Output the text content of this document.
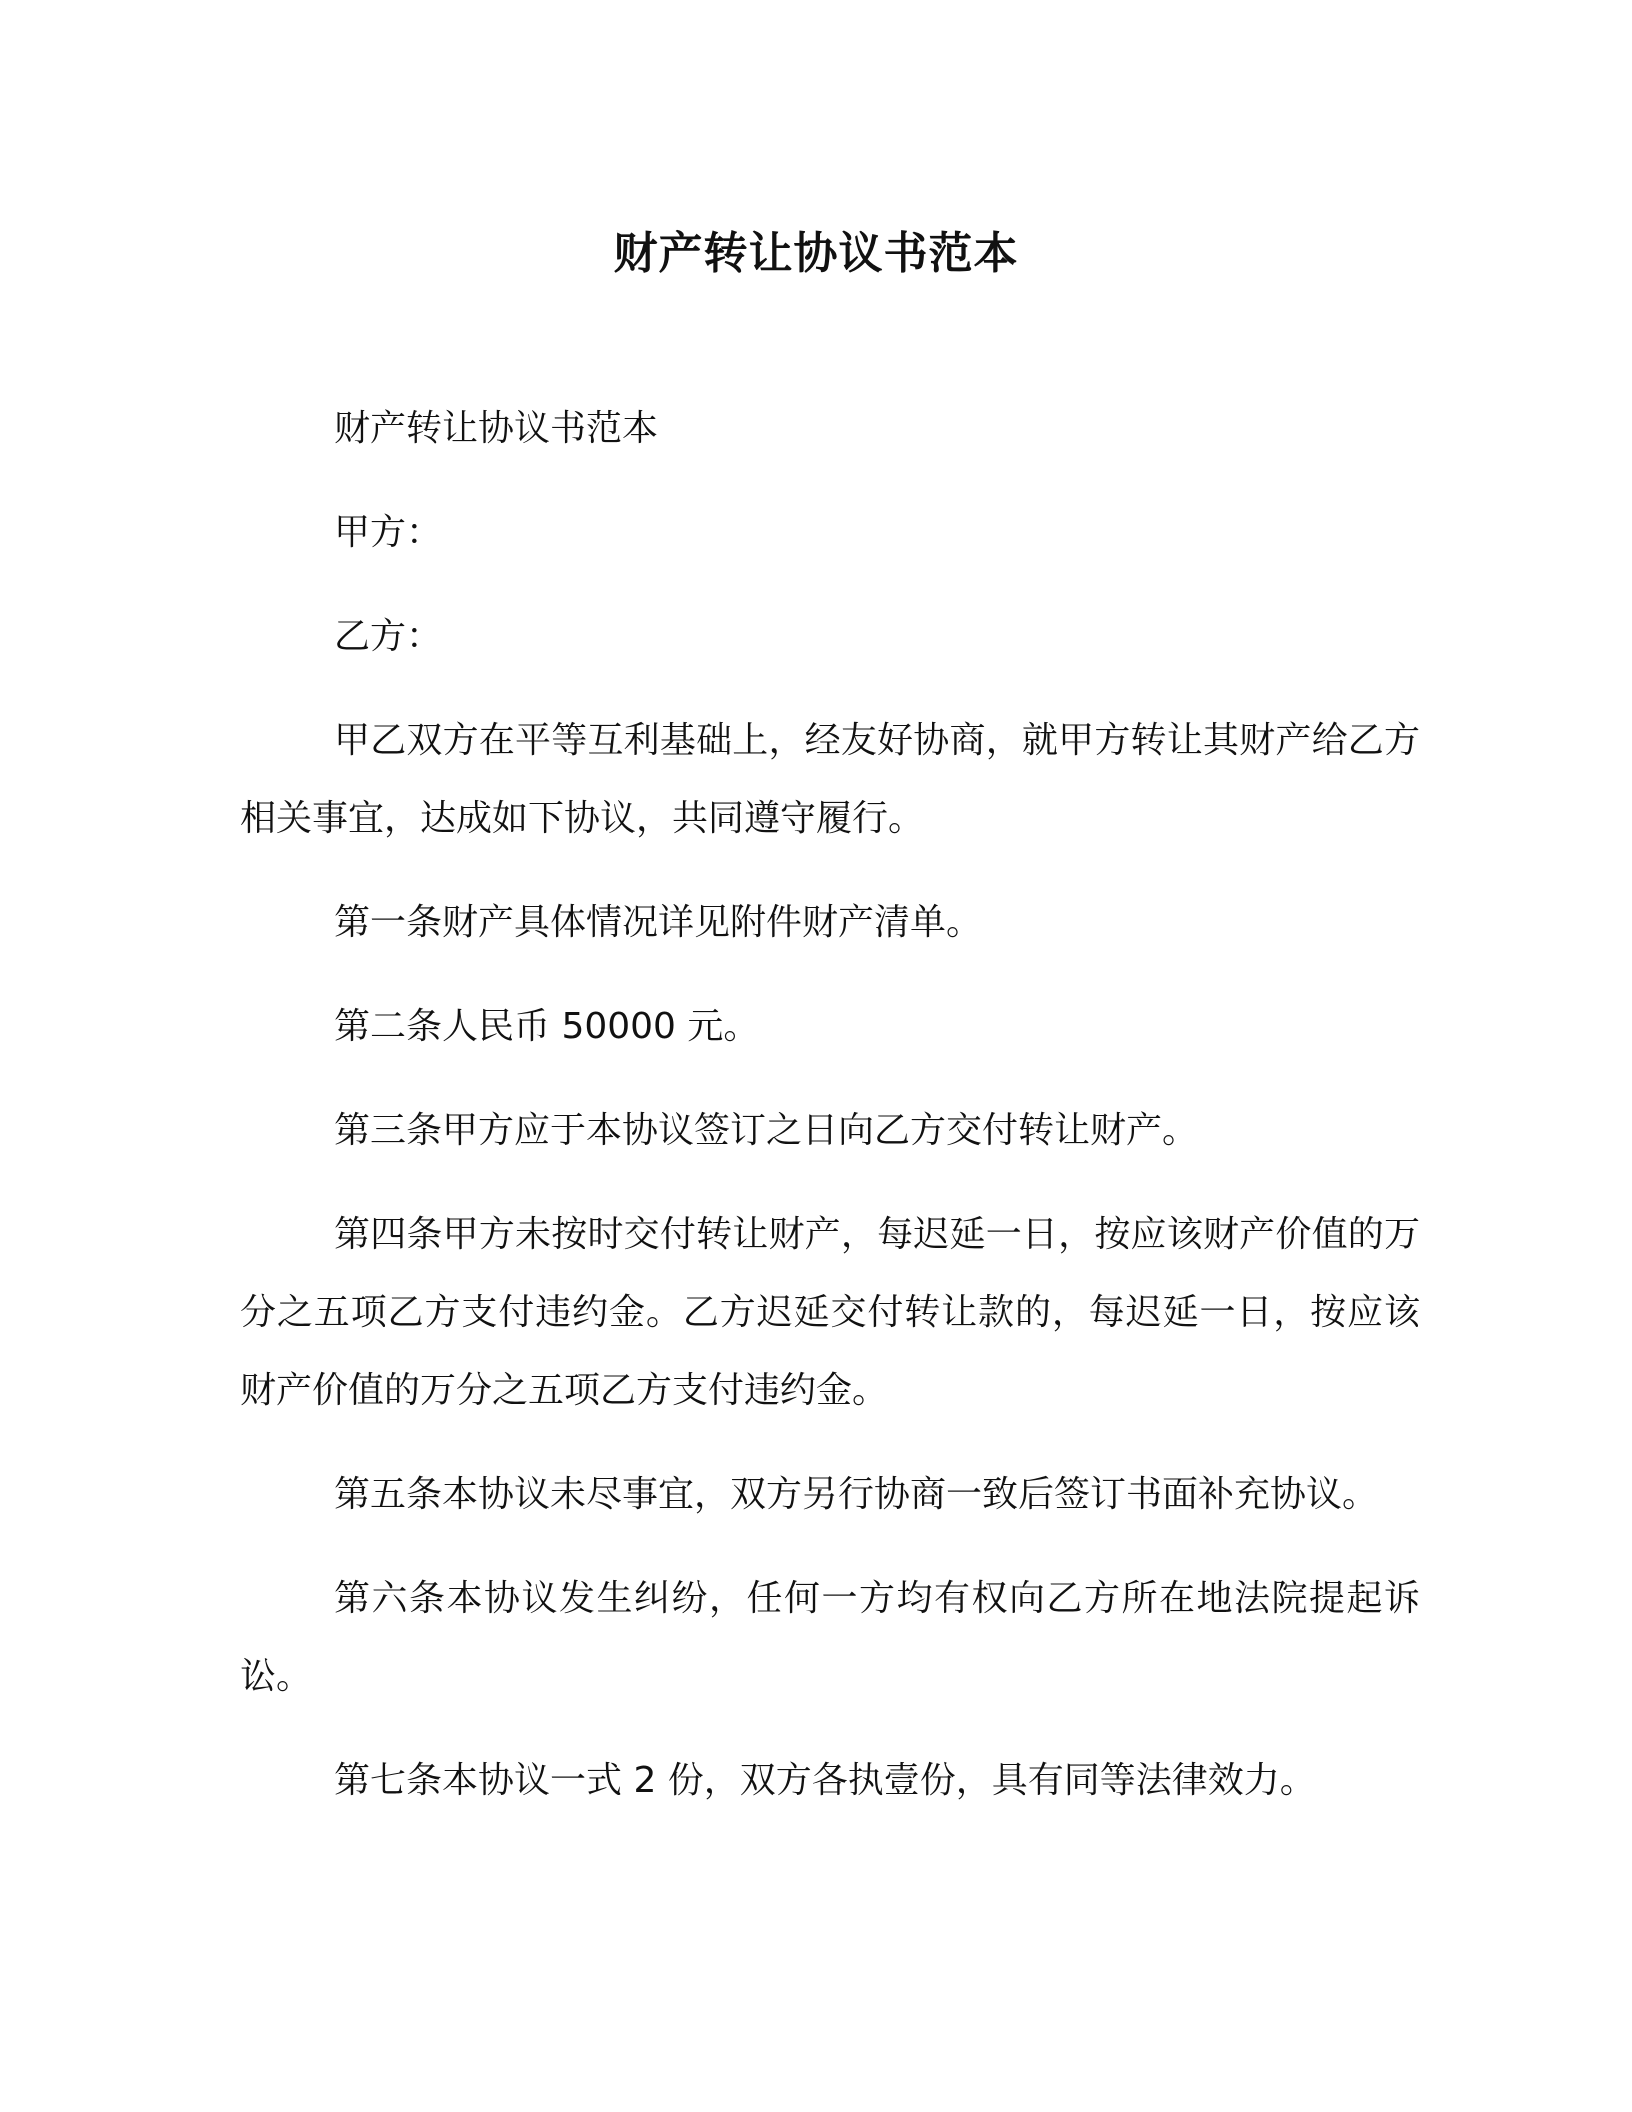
财产转让协议书范本

财产转让协议书范本

甲方：

乙方：

甲乙双方在平等互利基础上，经友好协商，就甲方转让其财产给乙方相关事宜，达成如下协议，共同遵守履行。

第一条财产具体情况详见附件财产清单。

第二条人民币 50000 元。

第三条甲方应于本协议签订之日向乙方交付转让财产。

第四条甲方未按时交付转让财产，每迟延一日，按应该财产价值的万分之五项乙方支付违约金。乙方迟延交付转让款的，每迟延一日，按应该财产价值的万分之五项乙方支付违约金。

第五条本协议未尽事宜，双方另行协商一致后签订书面补充协议。

第六条本协议发生纠纷，任何一方均有权向乙方所在地法院提起诉讼。

第七条本协议一式 2 份，双方各执壹份，具有同等法律效力。
